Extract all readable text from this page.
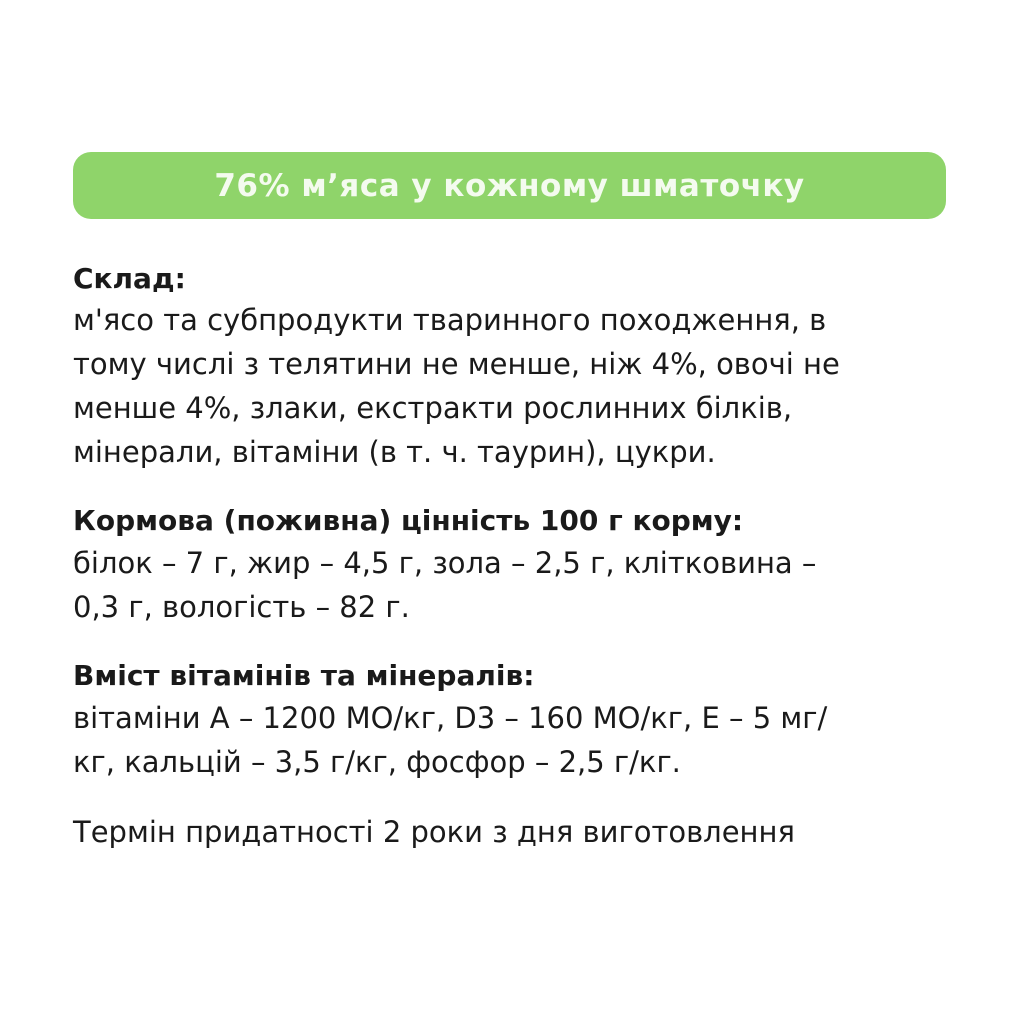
76% м’яса у кожному шматочку

Склад:

м'ясо та субпродукти тваринного походження, в

тому числі з телятини не менше, ніж 4%, овочі не

менше 4%, злаки, екстракти рослинних білків,

мінерали, вітаміни (в т. ч. таурин), цукри.

Кормова (поживна) цінність 100 г корму:

білок – 7 г, жир – 4,5 г, зола – 2,5 г, клітковина –

0,3 г, вологість – 82 г.

Вміст вітамінів та мінералів:

вітаміни А – 1200 МО/кг, D3 – 160 МО/кг, Е – 5 мг/

кг, кальцій – 3,5 г/кг, фосфор – 2,5 г/кг.

Термін придатності 2 роки з дня виготовлення
